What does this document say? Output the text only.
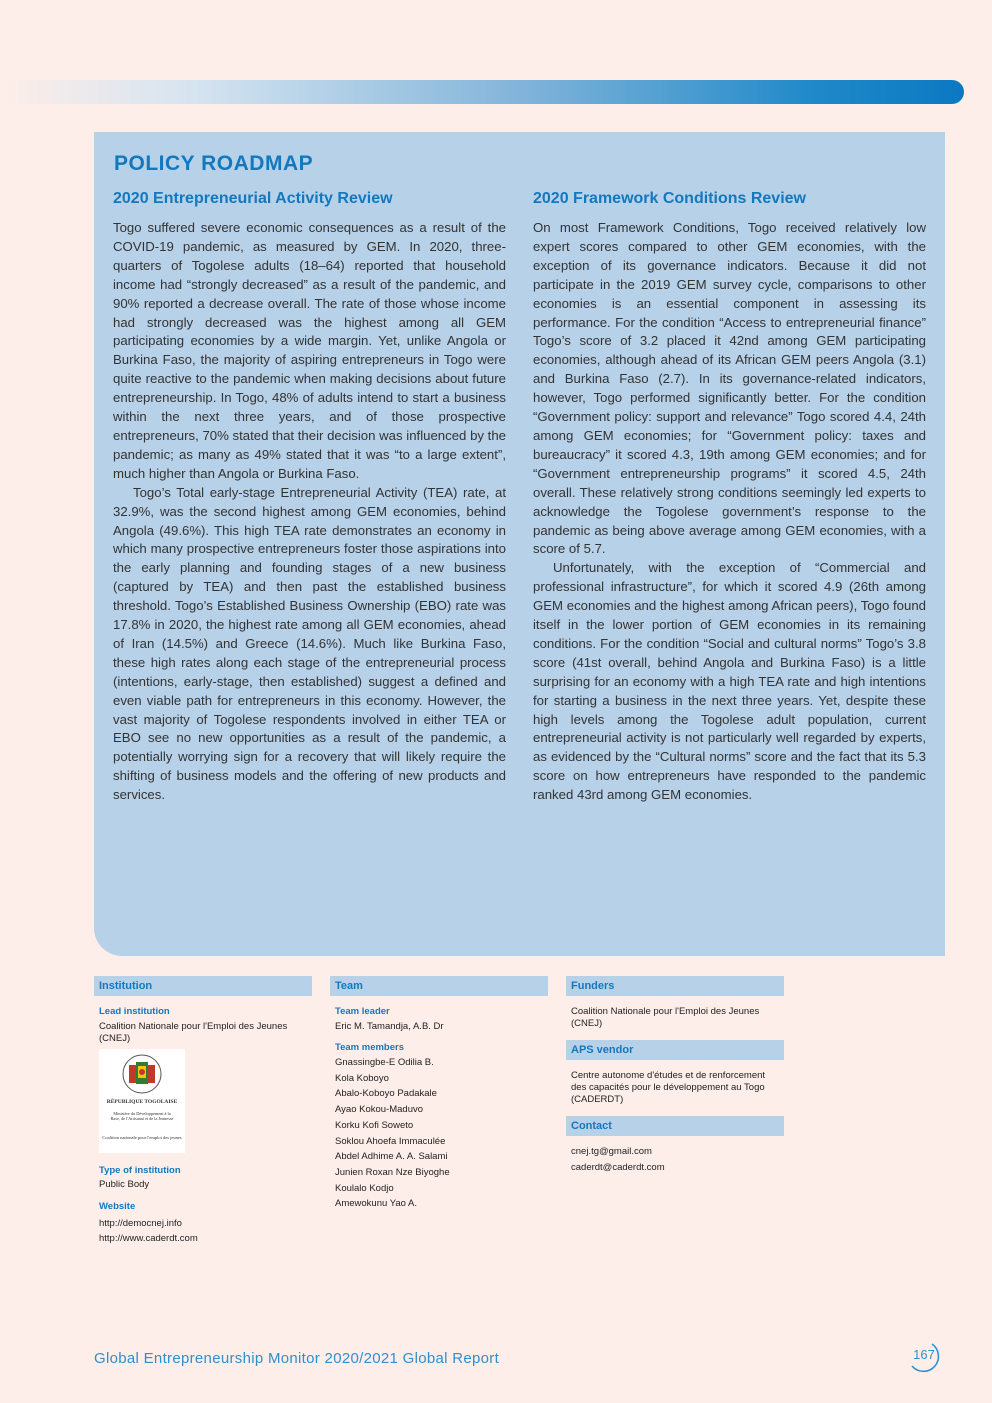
POLICY ROADMAP
2020 Entrepreneurial Activity Review

Togo suffered severe economic consequences as a result of the COVID-19 pandemic, as measured by GEM. In 2020, three-quarters of Togolese adults (18–64) reported that household income had “strongly decreased” as a result of the pandemic, and 90% reported a decrease overall. The rate of those whose income had strongly decreased was the highest among all GEM participating economies by a wide margin. Yet, unlike Angola or Burkina Faso, the majority of aspiring entrepreneurs in Togo were quite reactive to the pandemic when making decisions about future entrepreneurship. In Togo, 48% of adults intend to start a business within the next three years, and of those prospective entrepreneurs, 70% stated that their decision was influenced by the pandemic; as many as 49% stated that it was “to a large extent”, much higher than Angola or Burkina Faso.

Togo’s Total early-stage Entrepreneurial Activity (TEA) rate, at 32.9%, was the second highest among GEM economies, behind Angola (49.6%). This high TEA rate demonstrates an economy in which many prospective entrepreneurs foster those aspirations into the early planning and founding stages of a new business (captured by TEA) and then past the established business threshold. Togo’s Established Business Ownership (EBO) rate was 17.8% in 2020, the highest rate among all GEM economies, ahead of Iran (14.5%) and Greece (14.6%). Much like Burkina Faso, these high rates along each stage of the entrepreneurial process (intentions, early-stage, then established) suggest a defined and even viable path for entrepreneurs in this economy. However, the vast majority of Togolese respondents involved in either TEA or EBO see no new opportunities as a result of the pandemic, a potentially worrying sign for a recovery that will likely require the shifting of business models and the offering of new products and services.

2020 Framework Conditions Review

On most Framework Conditions, Togo received relatively low expert scores compared to other GEM economies, with the exception of its governance indicators. Because it did not participate in the 2019 GEM survey cycle, comparisons to other economies is an essential component in assessing its performance. For the condition “Access to entrepreneurial finance” Togo’s score of 3.2 placed it 42nd among GEM participating economies, although ahead of its African GEM peers Angola (3.1) and Burkina Faso (2.7). In its governance-related indicators, however, Togo performed significantly better. For the condition “Government policy: support and relevance” Togo scored 4.4, 24th among GEM economies; for “Government policy: taxes and bureaucracy” it scored 4.3, 19th among GEM economies; and for “Government entrepreneurship programs” it scored 4.5, 24th overall. These relatively strong conditions seemingly led experts to acknowledge the Togolese government’s response to the pandemic as being above average among GEM economies, with a score of 5.7.

Unfortunately, with the exception of “Commercial and professional infrastructure”, for which it scored 4.9 (26th among GEM economies and the highest among African peers), Togo found itself in the lower portion of GEM economies in its remaining conditions. For the condition “Social and cultural norms” Togo’s 3.8 score (41st overall, behind Angola and Burkina Faso) is a little surprising for an economy with a high TEA rate and high intentions for starting a business in the next three years. Yet, despite these high levels among the Togolese adult population, current entrepreneurial activity is not particularly well regarded by experts, as evidenced by the “Cultural norms” score and the fact that its 5.3 score on how entrepreneurs have responded to the pandemic ranked 43rd among GEM economies.

Institution
Lead institution
Coalition Nationale pour l'Emploi des Jeunes (CNEJ)
RÉPUBLIQUE TOGOLAISE
Ministère du Développement à la Base, de l'Artisanat et de la Jeunesse
Coalition nationale pour l'emploi des jeunes
Type of institution
Public Body
Website
http://democnej.info
http://www.caderdt.com
Team
Team leader
Eric M. Tamandja, A.B. Dr
Team members
Gnassingbe-E Odilia B.
Kola Koboyo
Abalo-Koboyo Padakale
Ayao Kokou-Maduvo
Korku Kofi Soweto
Soklou Ahoefa Immaculée
Abdel Adhime A. A. Salami
Junien Roxan Nze Biyoghe
Koulalo Kodjo
Amewokunu Yao A.
Funders
Coalition Nationale pour l'Emploi des Jeunes (CNEJ)
APS vendor
Centre autonome d'études et de renforcement des capacités pour le développement au Togo (CADERDT)
Contact
cnej.tg@gmail.com
caderdt@caderdt.com
Global Entrepreneurship Monitor 2020/2021 Global Report	167
